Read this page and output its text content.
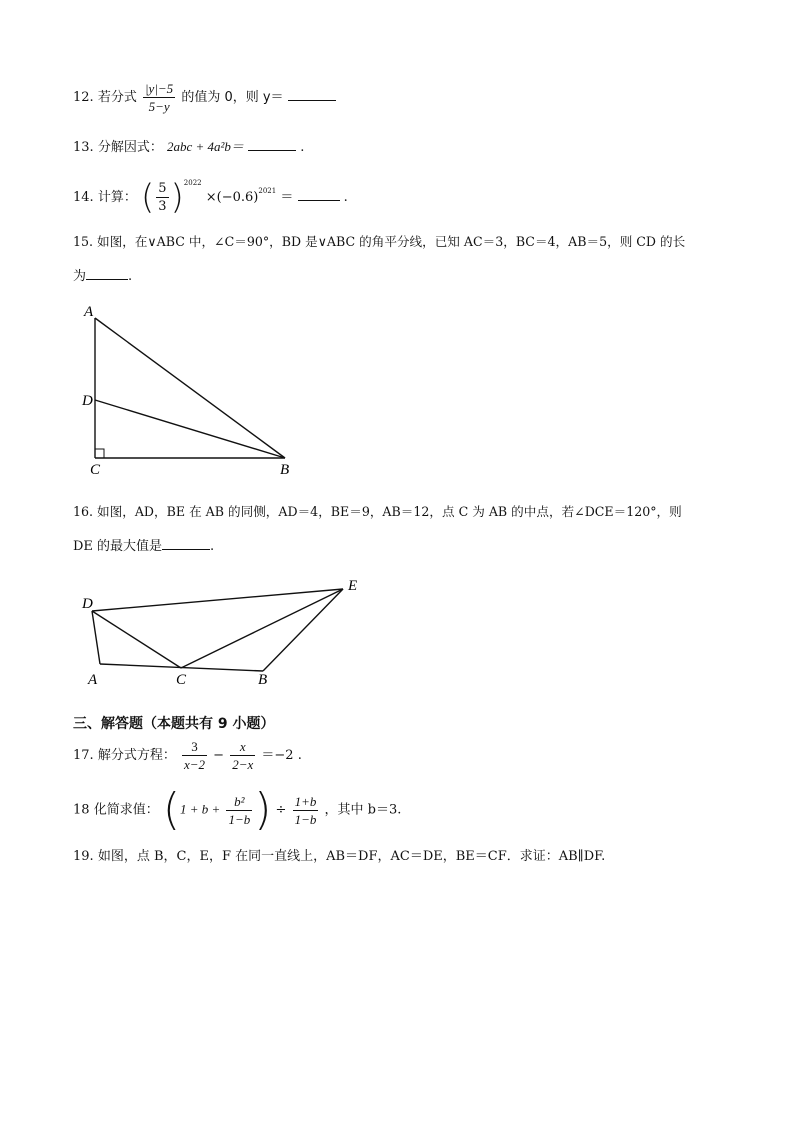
12. 若分式 $\frac{|y|-5}{5-y}$ 的值为 0，则 y＝
13. 分解因式： 2abc + 4a²b＝	.
14. 计算： ( $\frac{5}{3} )^{2022} \times(-0.6)^{2021}$ ＝	.
15. 如图，在∨ABC 中，∠C＝90°，BD 是∨ABC 的角平分线，已知 AC＝3，BC＝4，AB＝5，则 CD 的长
为	.
A
D
C	B
D
E
A	C	B
16. 如图，AD，BE 在 AB 的同侧，AD＝4，BE＝9，AB＝12，点 C 为 AB 的中点，若∠DCE＝120°，则
DE 的最大值是	.
三、解答题（本题共有 9 小题）
17. 解分式方程： $\frac{3}{x-2} - \frac{x}{2-x} =-2$ .
18 化简求值： ($1 + b + \frac{\text{b²}}{1-b}$ ) ÷ $\frac{1+b}{1-b}$ ，其中 b＝3.
19. 如图，点 B，C，E，F 在同一直线上，AB＝DF，AC＝DE，BE＝CF．求证：AB∥DF.
